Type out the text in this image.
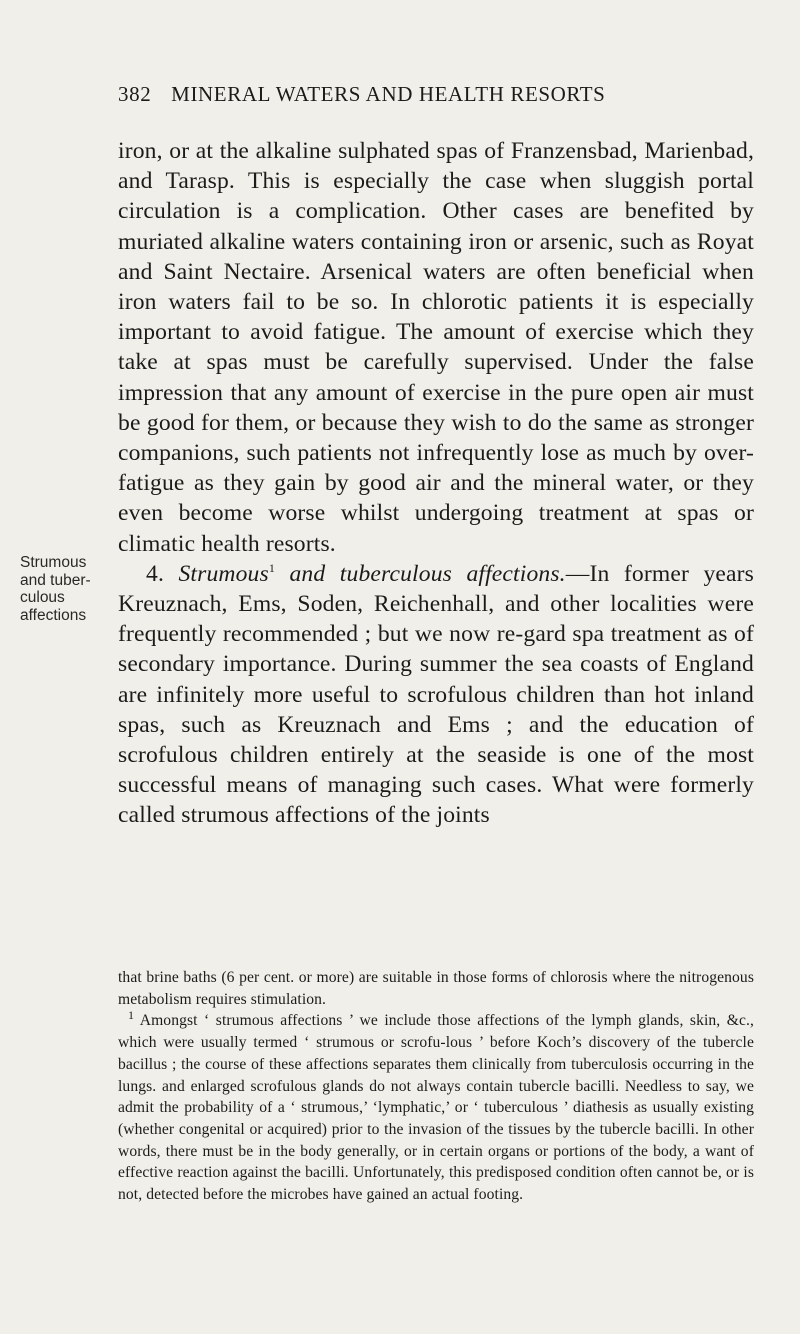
382 MINERAL WATERS AND HEALTH RESORTS
Strumous and tuber- culous affections

iron, or at the alkaline sulphated spas of Franzensbad, Marienbad, and Tarasp. This is especially the case when sluggish portal circulation is a complication. Other cases are benefited by muriated alkaline waters containing iron or arsenic, such as Royat and Saint Nectaire. Arsenical waters are often beneficial when iron waters fail to be so. In chlorotic patients it is especially important to avoid fatigue. The amount of exercise which they take at spas must be carefully supervised. Under the false impression that any amount of exercise in the pure open air must be good for them, or because they wish to do the same as stronger companions, such patients not infrequently lose as much by over-fatigue as they gain by good air and the mineral water, or they even become worse whilst undergoing treatment at spas or climatic health resorts.

4. Strumous$^1$ and tuberculous affections.—In former years Kreuznach, Ems, Soden, Reichenhall, and other localities were frequently recommended ; but we now re-gard spa treatment as of secondary importance. During summer the sea coasts of England are infinitely more useful to scrofulous children than hot inland spas, such as Kreuznach and Ems ; and the education of scrofulous children entirely at the seaside is one of the most successful means of managing such cases. What were formerly called strumous affections of the joints

that brine baths (6 per cent. or more) are suitable in those forms of chlorosis where the nitrogenous metabolism requires stimulation.

$^1$ Amongst ‘ strumous affections ’ we include those affections of the lymph glands, skin, &c., which were usually termed ‘ strumous or scrofu-lous ’ before Koch’s discovery of the tubercle bacillus ; the course of these affections separates them clinically from tuberculosis occurring in the lungs. and enlarged scrofulous glands do not always contain tubercle bacilli. Needless to say, we admit the probability of a ‘ strumous,’ ‘lymphatic,’ or ‘ tuberculous ’ diathesis as usually existing (whether congenital or acquired) prior to the invasion of the tissues by the tubercle bacilli. In other words, there must be in the body generally, or in certain organs or portions of the body, a want of effective reaction against the bacilli. Unfortunately, this predisposed condition often cannot be, or is not, detected before the microbes have gained an actual footing.
